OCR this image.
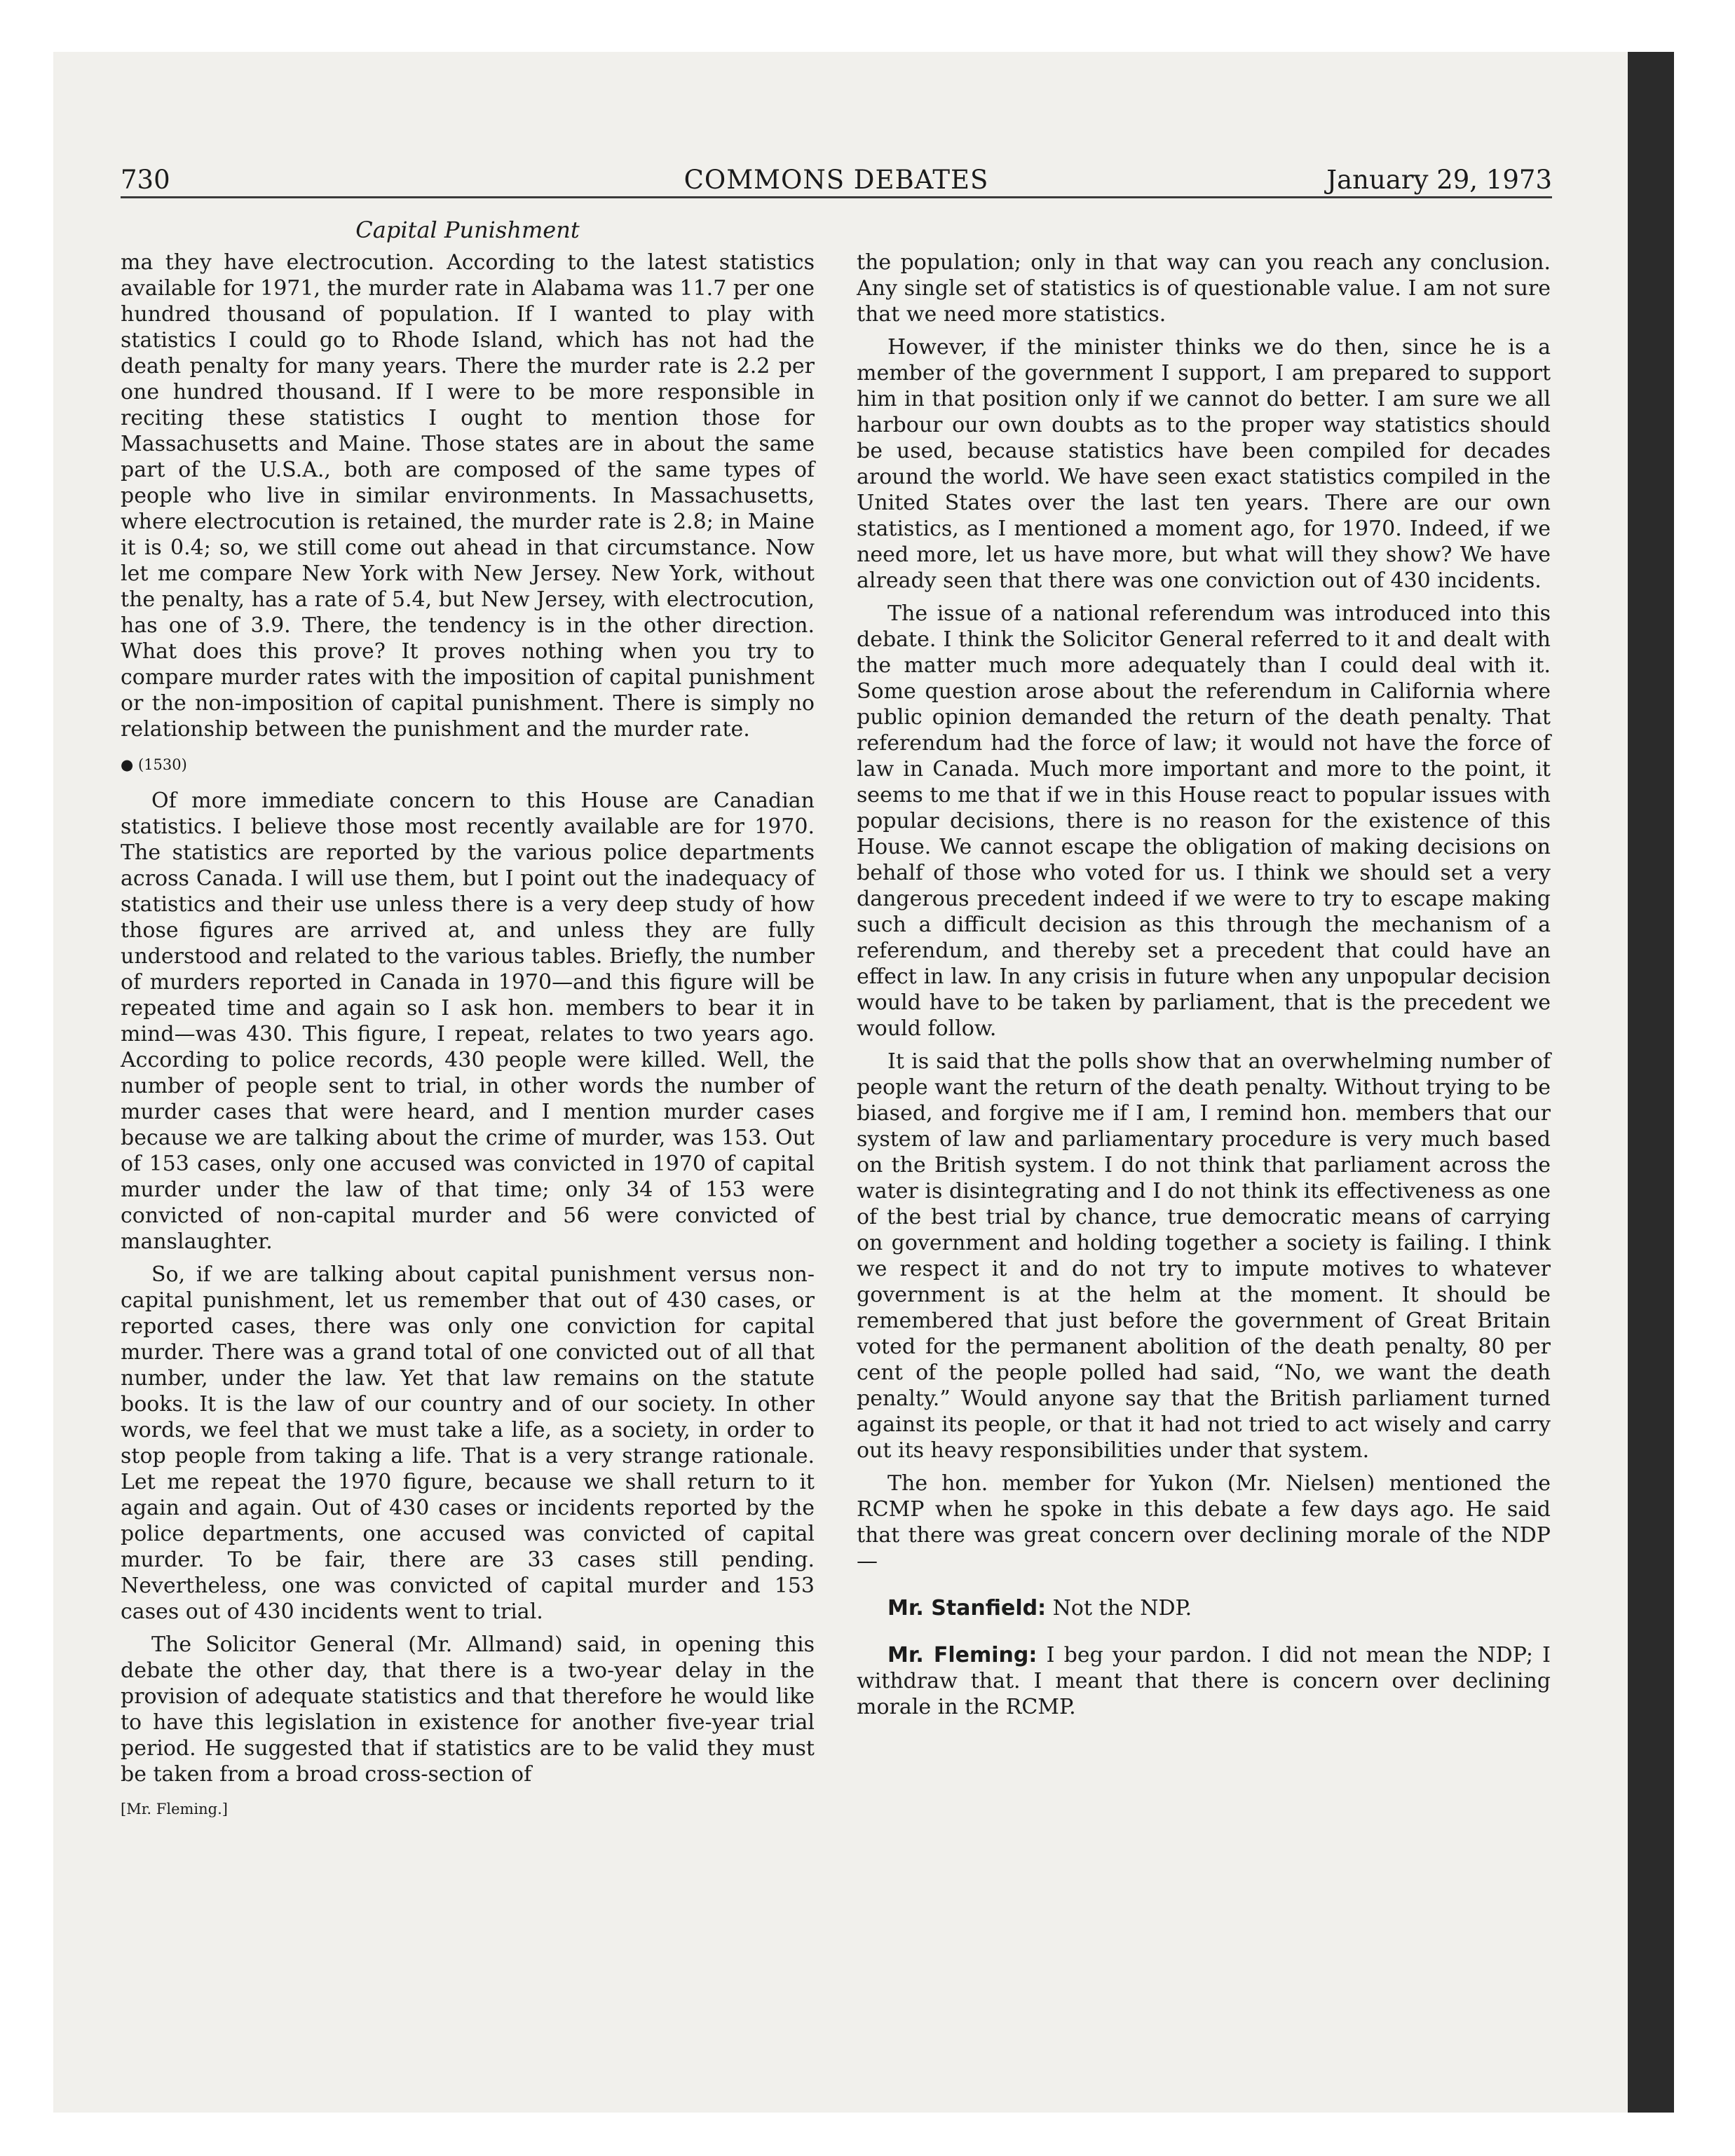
730	COMMONS DEBATES	January 29, 1973
Capital Punishment

ma they have electrocution. According to the latest statistics available for 1971, the murder rate in Alabama was 11.7 per one hundred thousand of population. If I wanted to play with statistics I could go to Rhode Island, which has not had the death penalty for many years. There the murder rate is 2.2 per one hundred thousand. If I were to be more responsible in reciting these statistics I ought to mention those for Massachusetts and Maine. Those states are in about the same part of the U.S.A., both are composed of the same types of people who live in similar environments. In Massachusetts, where electrocution is retained, the murder rate is 2.8; in Maine it is 0.4; so, we still come out ahead in that circumstance. Now let me compare New York with New Jersey. New York, without the penalty, has a rate of 5.4, but New Jersey, with electrocution, has one of 3.9. There, the tendency is in the other direction. What does this prove? It proves nothing when you try to compare murder rates with the imposition of capital punishment or the non-imposition of capital punishment. There is simply no relationship between the punishment and the murder rate.

● (1530)

Of more immediate concern to this House are Canadian statistics. I believe those most recently available are for 1970. The statistics are reported by the various police departments across Canada. I will use them, but I point out the inadequacy of statistics and their use unless there is a very deep study of how those figures are arrived at, and unless they are fully understood and related to the various tables. Briefly, the number of murders reported in Canada in 1970—and this figure will be repeated time and again so I ask hon. members to bear it in mind—was 430. This figure, I repeat, relates to two years ago. According to police records, 430 people were killed. Well, the number of people sent to trial, in other words the number of murder cases that were heard, and I mention murder cases because we are talking about the crime of murder, was 153. Out of 153 cases, only one accused was convicted in 1970 of capital murder under the law of that time; only 34 of 153 were convicted of non-capital murder and 56 were convicted of manslaughter.

So, if we are talking about capital punishment versus non-capital punishment, let us remember that out of 430 cases, or reported cases, there was only one conviction for capital murder. There was a grand total of one convicted out of all that number, under the law. Yet that law remains on the statute books. It is the law of our country and of our society. In other words, we feel that we must take a life, as a society, in order to stop people from taking a life. That is a very strange rationale. Let me repeat the 1970 figure, because we shall return to it again and again. Out of 430 cases or incidents reported by the police departments, one accused was convicted of capital murder. To be fair, there are 33 cases still pending. Nevertheless, one was convicted of capital murder and 153 cases out of 430 incidents went to trial.

The Solicitor General (Mr. Allmand) said, in opening this debate the other day, that there is a two-year delay in the provision of adequate statistics and that therefore he would like to have this legislation in existence for another five-year trial period. He suggested that if statistics are to be valid they must be taken from a broad cross-section of

[Mr. Fleming.]

the population; only in that way can you reach any conclusion. Any single set of statistics is of questionable value. I am not sure that we need more statistics.

However, if the minister thinks we do then, since he is a member of the government I support, I am prepared to support him in that position only if we cannot do better. I am sure we all harbour our own doubts as to the proper way statistics should be used, because statistics have been compiled for decades around the world. We have seen exact statistics compiled in the United States over the last ten years. There are our own statistics, as I mentioned a moment ago, for 1970. Indeed, if we need more, let us have more, but what will they show? We have already seen that there was one conviction out of 430 incidents.

The issue of a national referendum was introduced into this debate. I think the Solicitor General referred to it and dealt with the matter much more adequately than I could deal with it. Some question arose about the referendum in California where public opinion demanded the return of the death penalty. That referendum had the force of law; it would not have the force of law in Canada. Much more important and more to the point, it seems to me that if we in this House react to popular issues with popular decisions, there is no reason for the existence of this House. We cannot escape the obligation of making decisions on behalf of those who voted for us. I think we should set a very dangerous precedent indeed if we were to try to escape making such a difficult decision as this through the mechanism of a referendum, and thereby set a precedent that could have an effect in law. In any crisis in future when any unpopular decision would have to be taken by parliament, that is the precedent we would follow.

It is said that the polls show that an overwhelming number of people want the return of the death penalty. Without trying to be biased, and forgive me if I am, I remind hon. members that our system of law and parliamentary procedure is very much based on the British system. I do not think that parliament across the water is disintegrating and I do not think its effectiveness as one of the best trial by chance, true democratic means of carrying on government and holding together a society is failing. I think we respect it and do not try to impute motives to whatever government is at the helm at the moment. It should be remembered that just before the government of Great Britain voted for the permanent abolition of the death penalty, 80 per cent of the people polled had said, “No, we want the death penalty.” Would anyone say that the British parliament turned against its people, or that it had not tried to act wisely and carry out its heavy responsibilities under that system.

The hon. member for Yukon (Mr. Nielsen) mentioned the RCMP when he spoke in this debate a few days ago. He said that there was great concern over declining morale of the NDP—

Mr. Stanfield: Not the NDP.

Mr. Fleming: I beg your pardon. I did not mean the NDP; I withdraw that. I meant that there is concern over declining morale in the RCMP.
